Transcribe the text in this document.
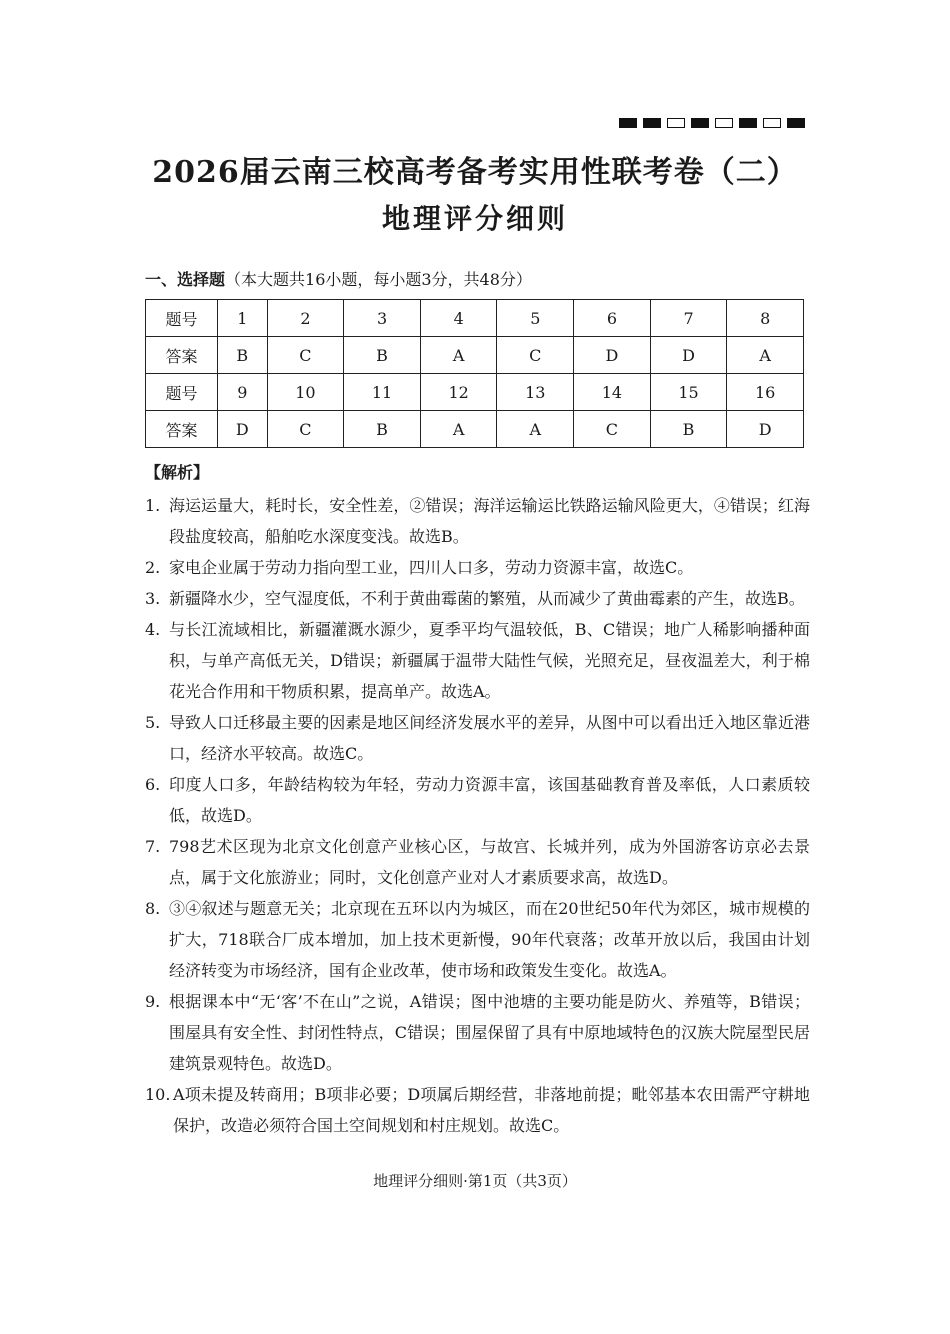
2026届云南三校高考备考实用性联考卷（二）
地理评分细则
一、选择题（本大题共16小题，每小题3分，共48分）
题号	1	2	3	4	5	6	7	8
答案	B	C	B	A	C	D	D	A
题号	9	10	11	12	13	14	15	16
答案	D	C	B	A	A	C	B	D
【解析】
1. 海运运量大，耗时长，安全性差，②错误；海洋运输运比铁路运输风险更大，④错误；红海段盐度较高，船舶吃水深度变浅。故选B。
2. 家电企业属于劳动力指向型工业，四川人口多，劳动力资源丰富，故选C。
3. 新疆降水少，空气湿度低，不利于黄曲霉菌的繁殖，从而减少了黄曲霉素的产生，故选B。
4. 与长江流域相比，新疆灌溉水源少，夏季平均气温较低，B、C错误；地广人稀影响播种面积，与单产高低无关，D错误；新疆属于温带大陆性气候，光照充足，昼夜温差大，利于棉花光合作用和干物质积累，提高单产。故选A。
5. 导致人口迁移最主要的因素是地区间经济发展水平的差异，从图中可以看出迁入地区靠近港口，经济水平较高。故选C。
6. 印度人口多，年龄结构较为年轻，劳动力资源丰富，该国基础教育普及率低，人口素质较低，故选D。
7. 798艺术区现为北京文化创意产业核心区，与故宫、长城并列，成为外国游客访京必去景点，属于文化旅游业；同时，文化创意产业对人才素质要求高，故选D。
8. ③④叙述与题意无关；北京现在五环以内为城区，而在20世纪50年代为郊区，城市规模的扩大，718联合厂成本增加，加上技术更新慢，90年代衰落；改革开放以后，我国由计划经济转变为市场经济，国有企业改革，使市场和政策发生变化。故选A。
9. 根据课本中“无‘客’不在山”之说，A错误；图中池塘的主要功能是防火、养殖等，B错误；围屋具有安全性、封闭性特点，C错误；围屋保留了具有中原地域特色的汉族大院屋型民居建筑景观特色。故选D。
10. A项未提及转商用；B项非必要；D项属后期经营，非落地前提；毗邻基本农田需严守耕地保护，改造必须符合国土空间规划和村庄规划。故选C。
地理评分细则·第1页（共3页）
